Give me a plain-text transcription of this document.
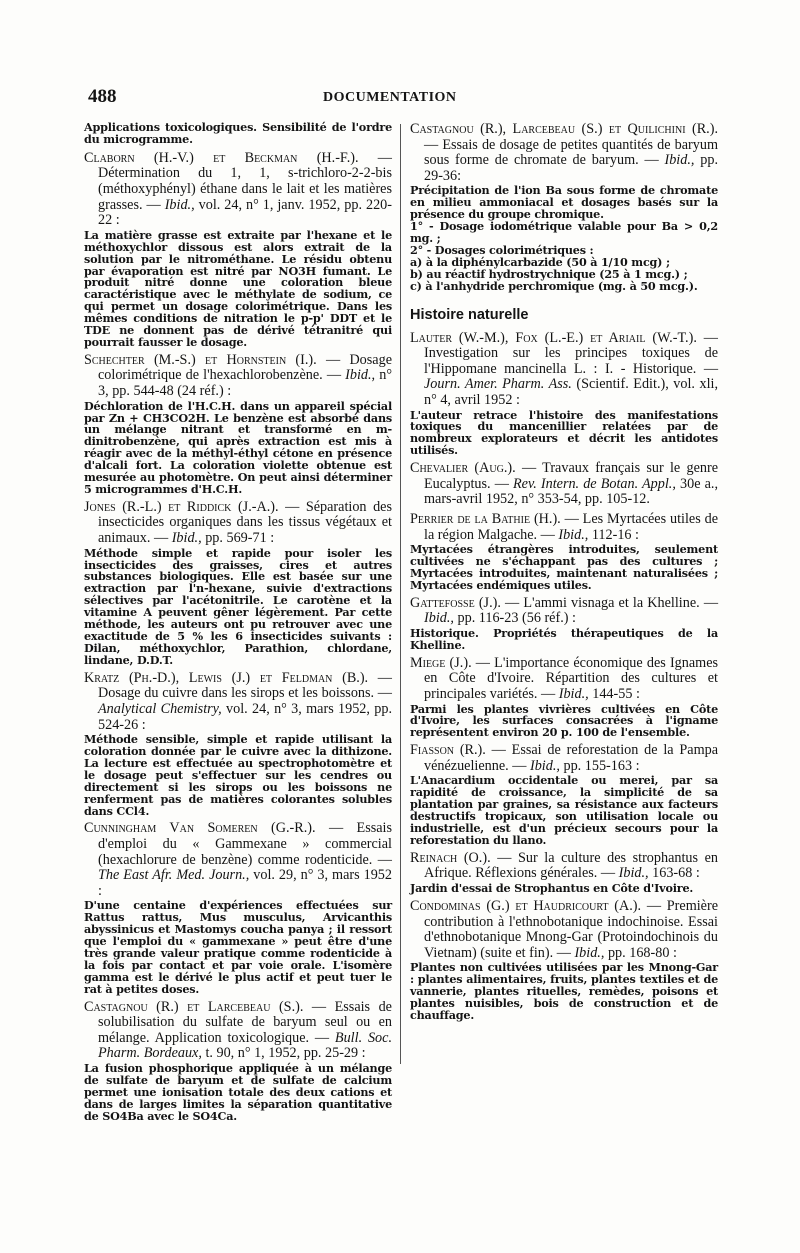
488	DOCUMENTATION

Applications toxicologiques. Sensibilité de l'ordre du microgramme.

Claborn (H.-V.) et Beckman (H.-F.). — Détermination du 1, 1, s-trichloro-2-2-bis (méthoxyphényl) éthane dans le lait et les matières grasses. — Ibid., vol. 24, n° 1, janv. 1952, pp. 220-22 :

La matière grasse est extraite par l'hexane et le méthoxychlor dissous est alors extrait de la solution par le nitrométhane. Le résidu obtenu par évaporation est nitré par NO3H fumant. Le produit nitré donne une coloration bleue caractéristique avec le méthylate de sodium, ce qui permet un dosage colorimétrique. Dans les mêmes conditions de nitration le p-p' DDT et le TDE ne donnent pas de dérivé tétranitré qui pourrait fausser le dosage.

Schechter (M.-S.) et Hornstein (I.). — Dosage colorimétrique de l'hexachlorobenzène. — Ibid., n° 3, pp. 544-48 (24 réf.) :

Déchloration de l'H.C.H. dans un appareil spécial par Zn + CH3CO2H. Le benzène est absorbé dans un mélange nitrant et transformé en m-dinitrobenzène, qui après extraction est mis à réagir avec de la méthyl-éthyl cétone en présence d'alcali fort. La coloration violette obtenue est mesurée au photomètre. On peut ainsi déterminer 5 microgrammes d'H.C.H.

Jones (R.-L.) et Riddick (J.-A.). — Séparation des insecticides organiques dans les tissus végétaux et animaux. — Ibid., pp. 569-71 :

Méthode simple et rapide pour isoler les insecticides des graisses, cires et autres substances biologiques. Elle est basée sur une extraction par l'n-hexane, suivie d'extractions sélectives par l'acétonitrile. Le carotène et la vitamine A peuvent gêner légèrement. Par cette méthode, les auteurs ont pu retrouver avec une exactitude de 5 % les 6 insecticides suivants : Dilan, méthoxychlor, Parathion, chlordane, lindane, D.D.T.

Kratz (Ph.-D.), Lewis (J.) et Feldman (B.). — Dosage du cuivre dans les sirops et les boissons. — Analytical Chemistry, vol. 24, n° 3, mars 1952, pp. 524-26 :

Méthode sensible, simple et rapide utilisant la coloration donnée par le cuivre avec la dithizone. La lecture est effectuée au spectrophotomètre et le dosage peut s'effectuer sur les cendres ou directement si les sirops ou les boissons ne renferment pas de matières colorantes solubles dans CCl4.

Cunningham Van Someren (G.-R.). — Essais d'emploi du « Gammexane » commercial (hexachlorure de benzène) comme rodenticide. — The East Afr. Med. Journ., vol. 29, n° 3, mars 1952 :

D'une centaine d'expériences effectuées sur Rattus rattus, Mus musculus, Arvicanthis abyssinicus et Mastomys coucha panya ; il ressort que l'emploi du « gammexane » peut être d'une très grande valeur pratique comme rodenticide à la fois par contact et par voie orale. L'isomère gamma est le dérivé le plus actif et peut tuer le rat à petites doses.

Castagnou (R.) et Larcebeau (S.). — Essais de solubilisation du sulfate de baryum seul ou en mélange. Application toxicologique. — Bull. Soc. Pharm. Bordeaux, t. 90, n° 1, 1952, pp. 25-29 :

La fusion phosphorique appliquée à un mélange de sulfate de baryum et de sulfate de calcium permet une ionisation totale des deux cations et dans de larges limites la séparation quantitative de SO4Ba avec le SO4Ca.

Castagnou (R.), Larcebeau (S.) et Quilichini (R.). — Essais de dosage de petites quantités de baryum sous forme de chromate de baryum. — Ibid., pp. 29-36:

Précipitation de l'ion Ba sous forme de chromate en milieu ammoniacal et dosages basés sur la présence du groupe chromique.
1° - Dosage iodométrique valable pour Ba > 0,2 mg. ;
2° - Dosages colorimétriques :
a) à la diphénylcarbazide (50 à 1/10 mcg) ;
b) au réactif hydrostrychnique (25 à 1 mcg.) ;
c) à l'anhydride perchromique (mg. à 50 mcg.).
Histoire naturelle

Lauter (W.-M.), Fox (L.-E.) et Ariail (W.-T.). — Investigation sur les principes toxiques de l'Hippomane mancinella L. : I. - Historique. — Journ. Amer. Pharm. Ass. (Scientif. Edit.), vol. xli, n° 4, avril 1952 :

L'auteur retrace l'histoire des manifestations toxiques du mancenillier relatées par de nombreux explorateurs et décrit les antidotes utilisés.

Chevalier (Aug.). — Travaux français sur le genre Eucalyptus. — Rev. Intern. de Botan. Appl., 30e a., mars-avril 1952, n° 353-54, pp. 105-12.

Perrier de la Bathie (H.). — Les Myrtacées utiles de la région Malgache. — Ibid., 112-16 :

Myrtacées étrangères introduites, seulement cultivées ne s'échappant pas des cultures ; Myrtacées introduites, maintenant naturalisées ; Myrtacées endémiques utiles.

Gattefosse (J.). — L'ammi visnaga et la Khelline. — Ibid., pp. 116-23 (56 réf.) :

Historique. Propriétés thérapeutiques de la Khelline.

Miege (J.). — L'importance économique des Ignames en Côte d'Ivoire. Répartition des cultures et principales variétés. — Ibid., 144-55 :

Parmi les plantes vivrières cultivées en Côte d'Ivoire, les surfaces consacrées à l'igname représentent environ 20 p. 100 de l'ensemble.

Fiasson (R.). — Essai de reforestation de la Pampa vénézuelienne. — Ibid., pp. 155-163 :

L'Anacardium occidentale ou merei, par sa rapidité de croissance, la simplicité de sa plantation par graines, sa résistance aux facteurs destructifs tropicaux, son utilisation locale ou industrielle, est d'un précieux secours pour la reforestation du llano.

Reinach (O.). — Sur la culture des strophantus en Afrique. Réflexions générales. — Ibid., 163-68 :

Jardin d'essai de Strophantus en Côte d'Ivoire.

Condominas (G.) et Haudricourt (A.). — Première contribution à l'ethnobotanique indochinoise. Essai d'ethnobotanique Mnong-Gar (Protoindochinois du Vietnam) (suite et fin). — Ibid., pp. 168-80 :

Plantes non cultivées utilisées par les Mnong-Gar : plantes alimentaires, fruits, plantes textiles et de vannerie, plantes rituelles, remèdes, poisons et plantes nuisibles, bois de construction et de chauffage.
